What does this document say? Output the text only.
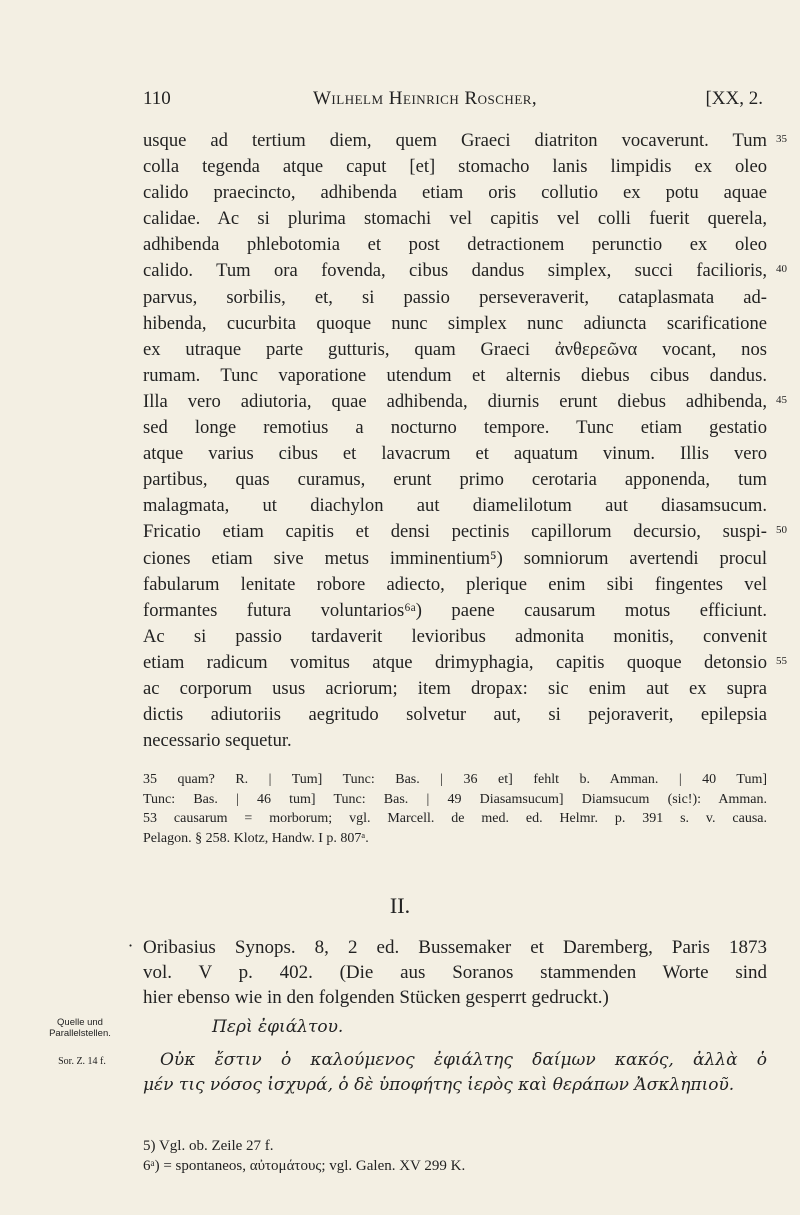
110	Wilhelm Heinrich Roscher,	[XX, 2.
usque ad tertium diem, quem Graeci diatriton vocaverunt. Tum
colla tegenda atque caput [et] stomacho lanis limpidis ex oleo
calido praecincto, adhibenda etiam oris collutio ex potu aquae
calidae. Ac si plurima stomachi vel capitis vel colli fuerit querela,
adhibenda phlebotomia et post detractionem perunctio ex oleo
calido. Tum ora fovenda, cibus dandus simplex, succi facilioris,
parvus, sorbilis, et, si passio perseveraverit, cataplasmata ad-
hibenda, cucurbita quoque nunc simplex nunc adiuncta scarificatione
ex utraque parte gutturis, quam Graeci ἀνθερεῶνα vocant, nos
rumam. Tunc vaporatione utendum et alternis diebus cibus dandus.
Illa vero adiutoria, quae adhibenda, diurnis erunt diebus adhibenda,
sed longe remotius a nocturno tempore. Tunc etiam gestatio
atque varius cibus et lavacrum et aquatum vinum. Illis vero
partibus, quas curamus, erunt primo cerotaria apponenda, tum
malagmata, ut diachylon aut diamelilotum aut diasamsucum.
Fricatio etiam capitis et densi pectinis capillorum decursio, suspi-
ciones etiam sive metus imminentium⁵) somniorum avertendi procul
fabularum lenitate robore adiecto, plerique enim sibi fingentes vel
formantes futura voluntarios⁶ᵃ) paene causarum motus efficiunt.
Ac si passio tardaverit levioribus admonita monitis, convenit
etiam radicum vomitus atque drimyphagia, capitis quoque detonsio
ac corporum usus acriorum; item dropax: sic enim aut ex supra
dictis adiutoriis aegritudo solvetur aut, si pejoraverit, epilepsia
necessario sequetur.
35
40
45
50
55
35 quam? R. | Tum] Tunc: Bas. | 36 et] fehlt b. Amman. | 40 Tum]
Tunc: Bas. | 46 tum] Tunc: Bas. | 49 Diasamsucum] Diamsucum (sic!): Amman.
53 causarum = morborum; vgl. Marcell. de med. ed. Helmr. p. 391 s. v. causa.
Pelagon. § 258. Klotz, Handw. I p. 807ᵃ.
II.
· Oribasius Synops. 8, 2 ed. Bussemaker et Daremberg, Paris 1873
vol. V p. 402. (Die aus Soranos stammenden Worte sind
hier ebenso wie in den folgenden Stücken gesperrt gedruckt.)
Quelle und
Parallelstellen.
Sor. Z. 14 f.
Περὶ ἐφιάλτου.
Οὐκ ἔστιν ὁ καλούμενος ἐφιάλτης δαίμων κακός, ἀλλὰ ὁ
μέν τις νόσος ἰσχυρά, ὁ δὲ ὑποφήτης ἱερὸς καὶ θεράπων Ἀσκληπιοῦ.
5) Vgl. ob. Zeile 27 f.
6ᵃ) = spontaneos, αὐτομάτους; vgl. Galen. XV 299 K.
